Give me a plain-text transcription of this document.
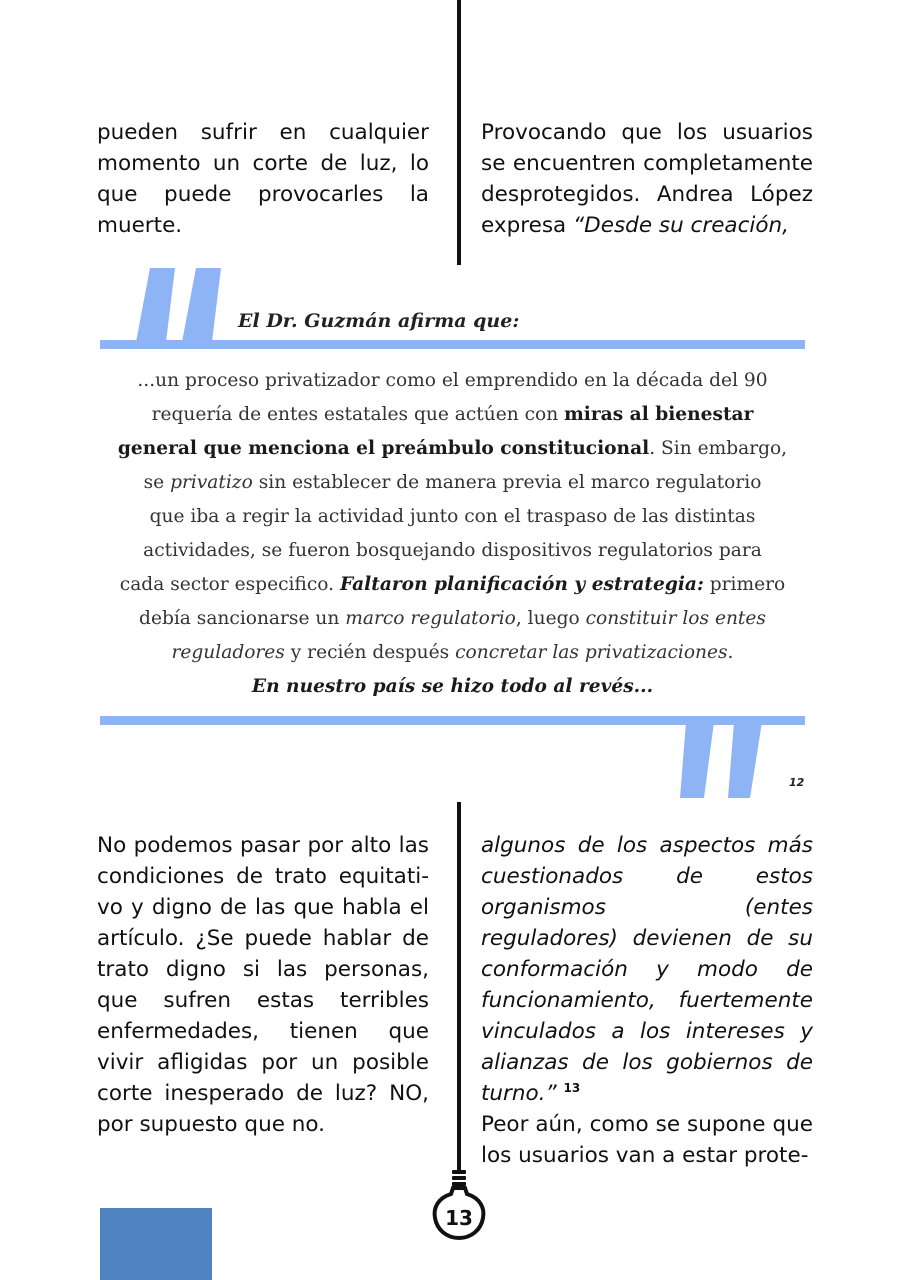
pueden sufrir en cualquier momento un corte de luz, lo que puede provocarles la muerte.

Provocando que los usuarios se encuentren completamente desprotegidos. Andrea López expresa “Desde su creación,

El Dr. Guzmán afirma que:
...un proceso privatizador como el emprendido en la década del 90
requería de entes estatales que actúen con miras al bienestar
general que menciona el preámbulo constitucional. Sin embargo,
se privatizo sin establecer de manera previa el marco regulatorio
que iba a regir la actividad junto con el traspaso de las distintas
actividades, se fueron bosquejando dispositivos regulatorios para
cada sector especifico. Faltaron planificación y estrategia: primero
debía sancionarse un marco regulatorio, luego constituir los entes
reguladores y recién después concretar las privatizaciones.
En nuestro país se hizo todo al revés...
12

No podemos pasar por alto las condiciones de trato equitativo y digno de las que habla el artículo. ¿Se puede hablar de trato digno si las personas, que sufren estas terribles enfermedades, tienen que vivir afligidas por un posible corte inesperado de luz? NO, por supuesto que no.

algunos de los aspectos más cuestionados de estos organismos (entes reguladores) devienen de su conformación y modo de funcionamiento, fuertemente vinculados a los intereses y alianzas de los gobiernos de turno.” $^{13}$

Peor aún, como se supone que los usuarios van a estar prote-

13
